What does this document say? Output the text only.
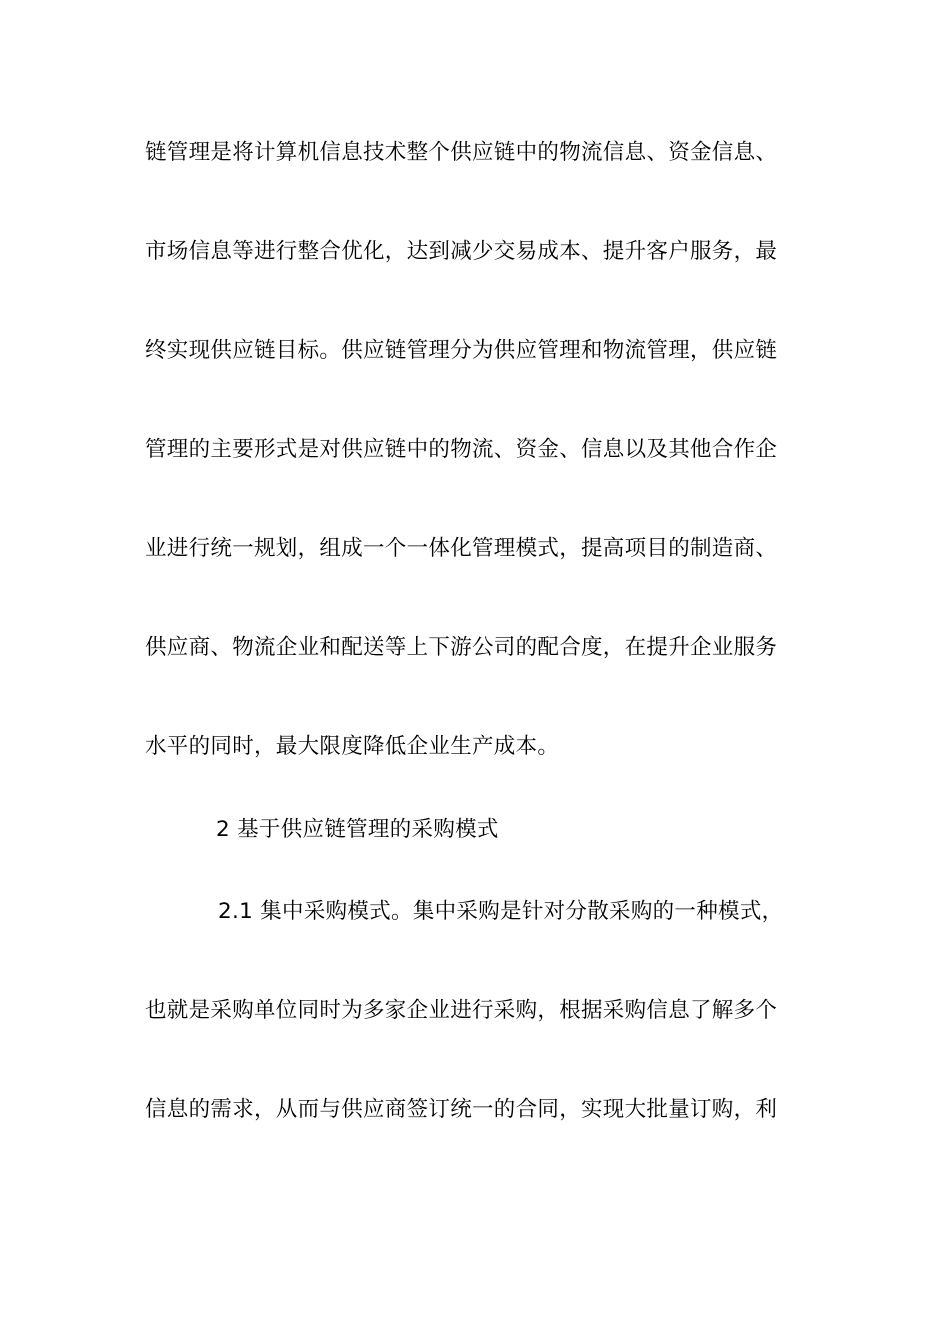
链管理是将计算机信息技术整个供应链中的物流信息、资金信息、
市场信息等进行整合优化，达到减少交易成本、提升客户服务，最
终实现供应链目标。供应链管理分为供应管理和物流管理，供应链
管理的主要形式是对供应链中的物流、资金、信息以及其他合作企
业进行统一规划，组成一个一体化管理模式，提高项目的制造商、
供应商、物流企业和配送等上下游公司的配合度，在提升企业服务
水平的同时，最大限度降低企业生产成本。
2 基于供应链管理的采购模式
2.1 集中采购模式。集中采购是针对分散采购的一种模式，
也就是采购单位同时为多家企业进行采购，根据采购信息了解多个
信息的需求，从而与供应商签订统一的合同，实现大批量订购，利
